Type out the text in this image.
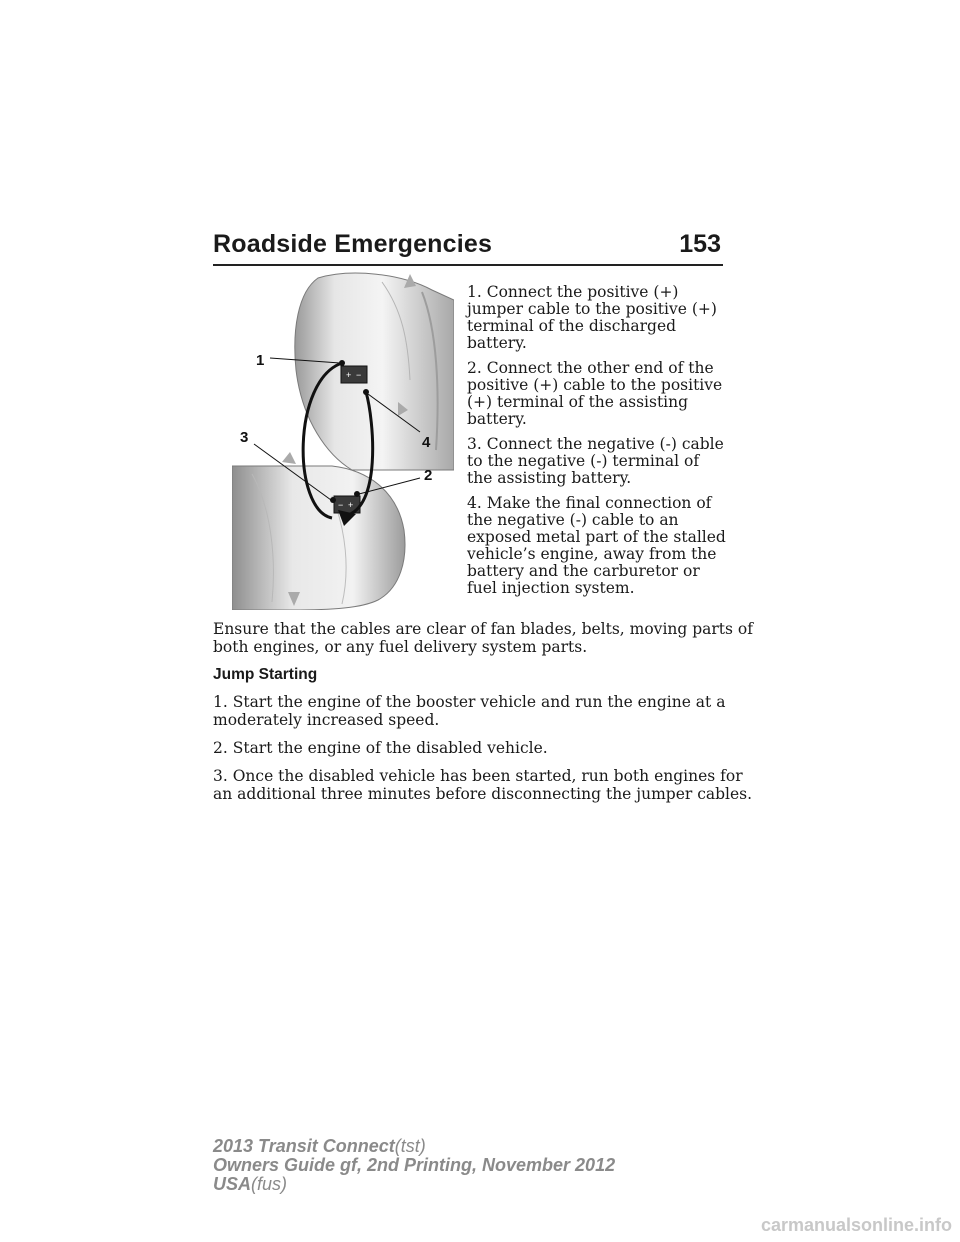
Roadside Emergencies	153
+ −
− +
1
2
3	4

1. Connect the positive (+) jumper cable to the positive (+) terminal of the discharged battery.

2. Connect the other end of the positive (+) cable to the positive (+) terminal of the assisting battery.

3. Connect the negative (-) cable to the negative (-) terminal of the assisting battery.

4. Make the final connection of the negative (-) cable to an exposed metal part of the stalled vehicle’s engine, away from the battery and the carburetor or fuel injection system.

Ensure that the cables are clear of fan blades, belts, moving parts of both engines, or any fuel delivery system parts.

Jump Starting

1. Start the engine of the booster vehicle and run the engine at a moderately increased speed.

2. Start the engine of the disabled vehicle.

3. Once the disabled vehicle has been started, run both engines for an additional three minutes before disconnecting the jumper cables.

2013 Transit Connect(tst)
Owners Guide gf, 2nd Printing, November 2012
USA(fus)
carmanualsonline.info
